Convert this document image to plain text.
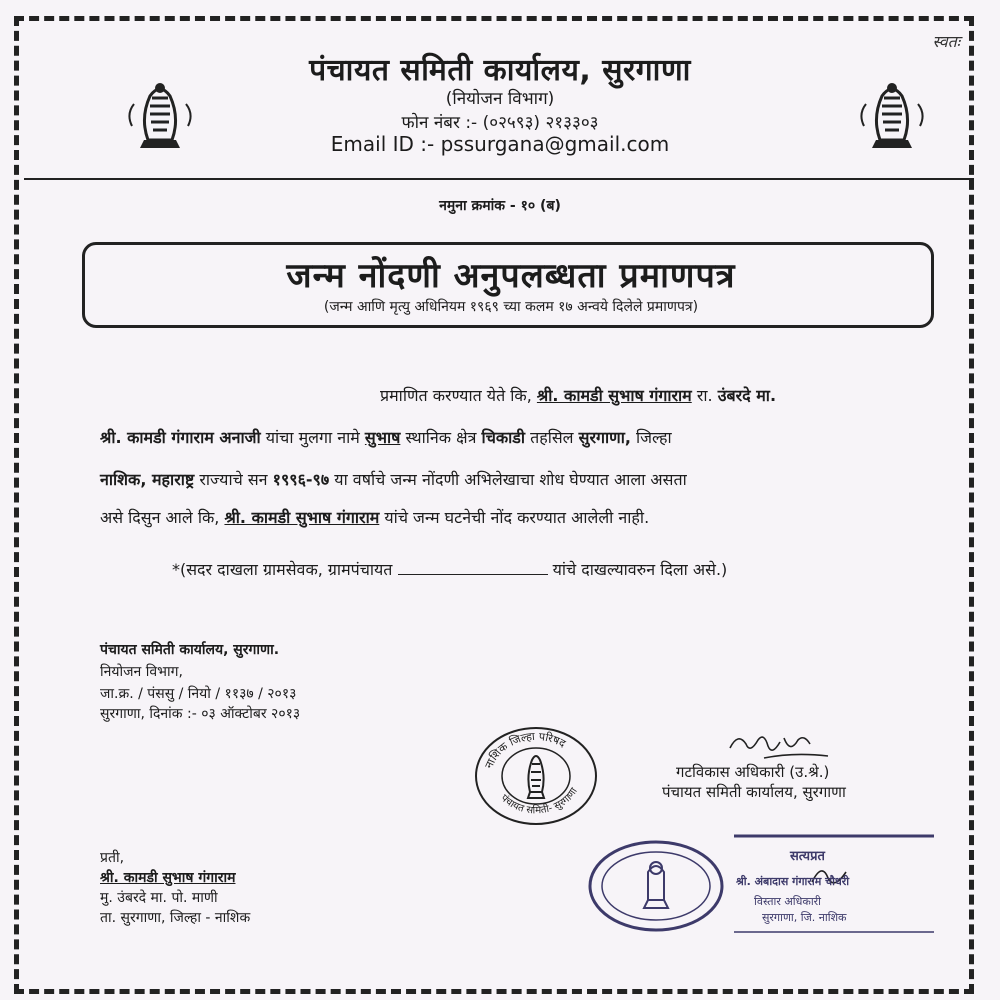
स्वतः
पंचायत समिती कार्यालय, सुरगाणा
(नियोजन विभाग)
फोन नंबर :- (०२५९३) २१३३०३
Email ID :- pssurgana@gmail.com
नमुना क्रमांक - १० (ब)
जन्म नोंदणी अनुपलब्धता प्रमाणपत्र
(जन्म आणि मृत्यु अधिनियम १९६९ च्या कलम १७ अन्वये दिलेले प्रमाणपत्र)
प्रमाणित करण्यात येते कि, श्री. कामडी सुभाष गंगाराम रा. उंबरदे मा.
श्री. कामडी गंगाराम अनाजी यांचा मुलगा नामे सुभाष स्थानिक क्षेत्र चिकाडी तहसिल सुरगाणा, जिल्हा
नाशिक, महाराष्ट्र राज्याचे सन १९९६-९७ या वर्षाचे जन्म नोंदणी अभिलेखाचा शोध घेण्यात आला असता
असे दिसुन आले कि, श्री. कामडी सुभाष गंगाराम यांचे जन्म घटनेची नोंद करण्यात आलेली नाही.
*(सदर दाखला ग्रामसेवक, ग्रामपंचायत	यांचे दाखल्यावरुन दिला असे.)
पंचायत समिती कार्यालय, सुरगाणा.
नियोजन विभाग,
जा.क्र. / पंससु / नियो / ११३७ / २०१३
सुरगाणा, दिनांक :- ०३ ऑक्टोबर २०१३
नाशिक जिल्हा परिषद
पंचायत समिती- सुरगाणा
गटविकास अधिकारी (उ.श्रे.)
पंचायत समिती कार्यालय, सुरगाणा
प्रती,
श्री. कामडी सुभाष गंगाराम
मु. उंबरदे मा. पो. माणी
ता. सुरगाणा, जिल्हा - नाशिक
सत्यप्रत
श्री. अंबादास गंगाराम चौधरी
विस्तार अधिकारी
सुरगाणा, जि. नाशिक
